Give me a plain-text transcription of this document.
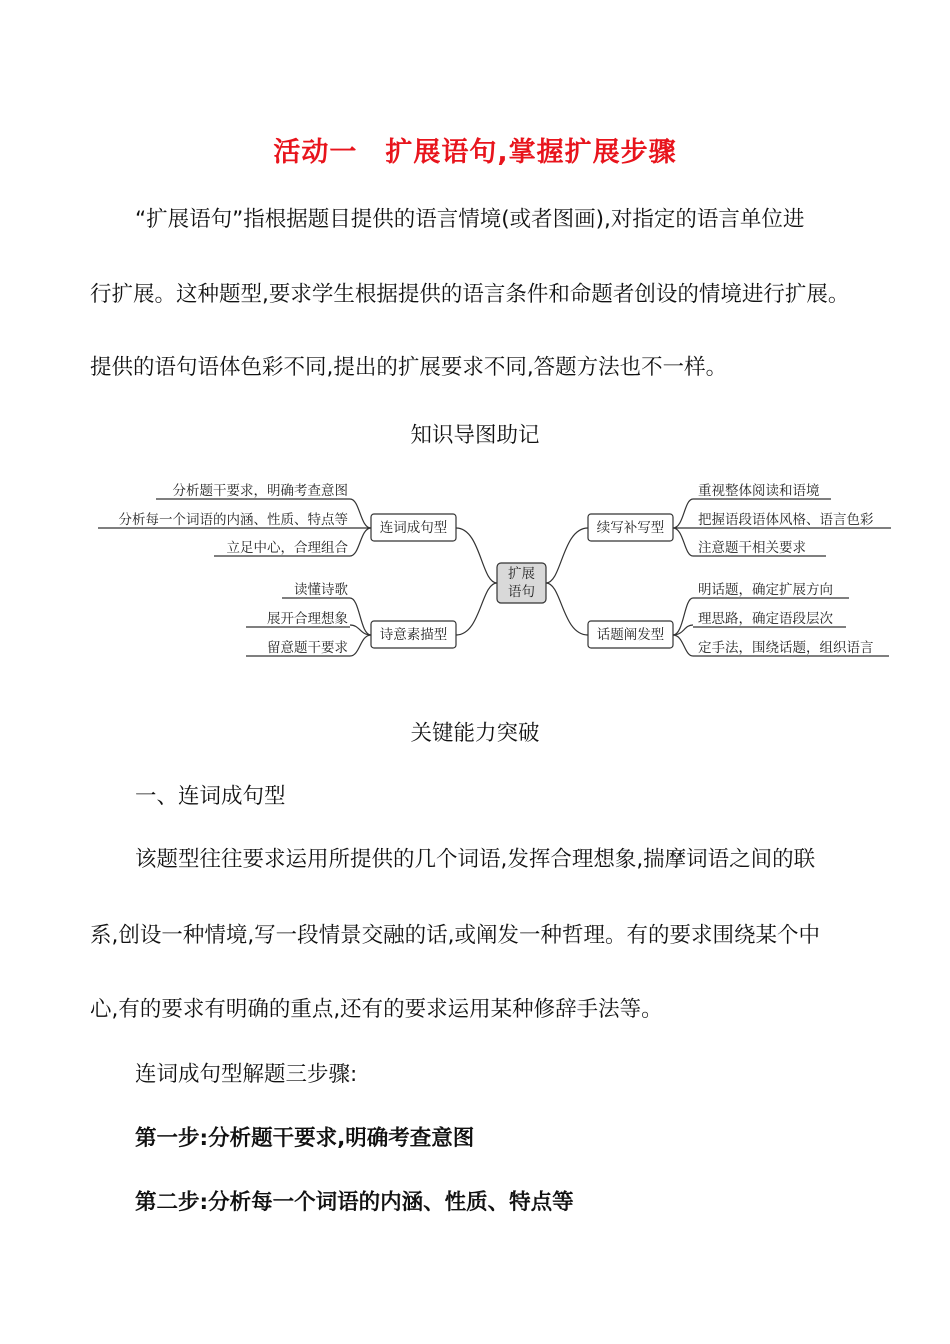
活动一　扩展语句,掌握扩展步骤
“扩展语句”指根据题目提供的语言情境(或者图画),对指定的语言单位进
行扩展。这种题型,要求学生根据提供的语言条件和命题者创设的情境进行扩展。
提供的语句语体色彩不同,提出的扩展要求不同,答题方法也不一样。
知识导图助记
扩展
语句
连词成句型
诗意素描型
续写补写型
话题阐发型
分析题干要求，明确考查意图
分析每一个词语的内涵、性质、特点等
立足中心，合理组合
读懂诗歌
展开合理想象
留意题干要求
重视整体阅读和语境
把握语段语体风格、语言色彩
注意题干相关要求
明话题，确定扩展方向
理思路，确定语段层次
定手法，围绕话题，组织语言
关键能力突破
一、连词成句型
该题型往往要求运用所提供的几个词语,发挥合理想象,揣摩词语之间的联
系,创设一种情境,写一段情景交融的话,或阐发一种哲理。有的要求围绕某个中
心,有的要求有明确的重点,还有的要求运用某种修辞手法等。
连词成句型解题三步骤:
第一步:分析题干要求,明确考查意图
第二步:分析每一个词语的内涵、性质、特点等
